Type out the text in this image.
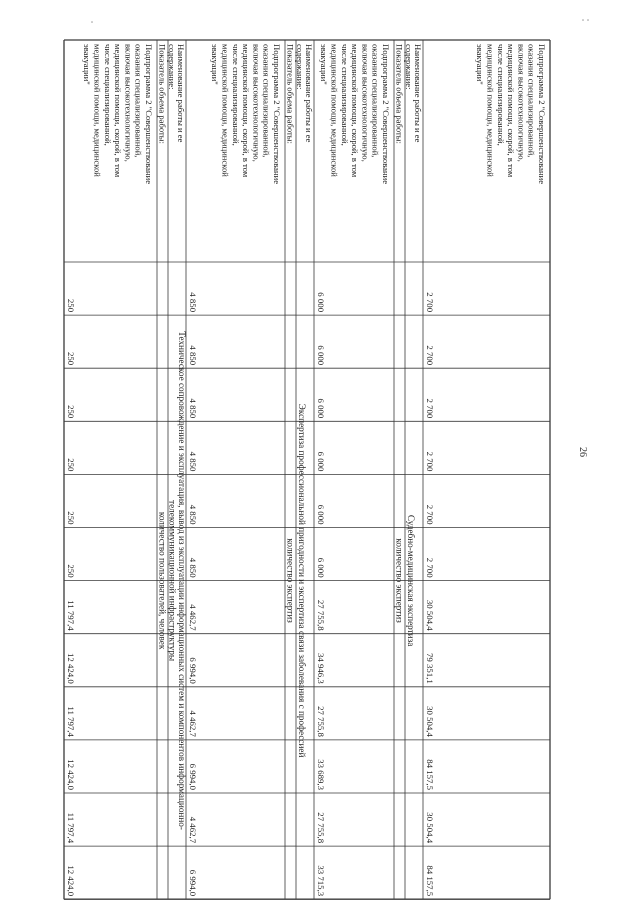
Подпрограмма 2 "Совершенствование
оказания специализированной,
включая высокотехнологичную,
медицинской помощи, скорой, в том
числе специализированной,
медицинской помощи, медицинской
эвакуации"
2 700
2 700
2 700
2 700
2 700
2 700
30 504,4
79 351,1
30 504,4
84 157,5
30 504,4
84 157,5
Наименование работы и ее
содержание:
Судебно-медицинская экспертиза
Показатель объема работы:
количество экспертиз
Подпрограмма 2 "Совершенствование
оказания специализированной,
включая высокотехнологичную,
медицинской помощи, скорой, в том
числе специализированной,
медицинской помощи, медицинской
эвакуации"
6 000
6 000
6 000
6 000
6 000
6 000
27 755,8
34 946,3
27 755,8
33 689,3
27 755,8
33 715,3
Наименование работы и ее
содержание:
Экспертиза профессиональной пригодности и экспертиза связи заболевания с профессией
Показатель объема работы:
количество экспертиз
Подпрограмма 2 "Совершенствование
оказания специализированной,
включая высокотехнологичную,
медицинской помощи, скорой, в том
числе специализированной,
медицинской помощи, медицинской
эвакуации"
4 850
4 850
4 850
4 850
4 850
4 850
4 462,7
6 994,0
4 462,7
6 994,0
4 462,7
6 994,0
Наименование работы и ее
содержание:
Техническое сопровождение и эксплуатация, вывод из эксплуатации информационных систем и компонентов информационно-
телекоммуникационной инфраструктуры
Показатель объема работы:
количество пользователей, человек
Подпрограмма 2 "Совершенствование
оказания специализированной,
включая высокотехнологичную,
медицинской помощи, скорой, в том
числе специализированной,
медицинской помощи, медицинской
эвакуации"
250
250
250
250
250
250
11 797,4
12 424,0
11 797,4
12 424,0
11 797,4
12 424,0
26
